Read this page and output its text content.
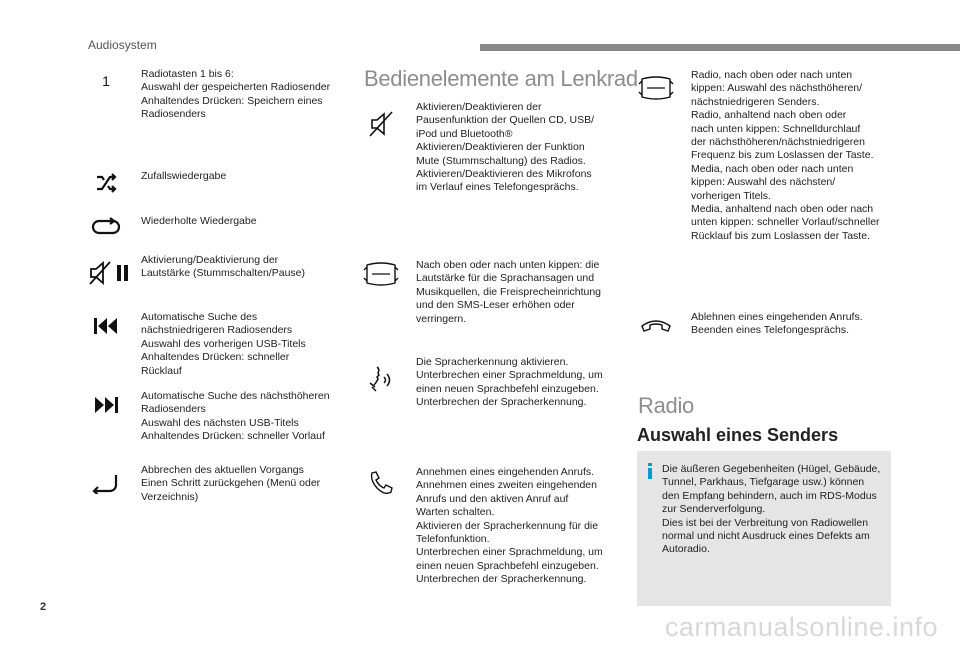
Audiosystem
1	Radiotasten 1 bis 6:
Auswahl der gespeicherten Radiosender
Anhaltendes Drücken: Speichern eines
Radiosenders
Zufallswiedergabe
Wiederholte Wiedergabe
Aktivierung/Deaktivierung der
Lautstärke (Stummschalten/Pause)
Automatische Suche des
nächstniedrigeren Radiosenders
Auswahl des vorherigen USB-Titels
Anhaltendes Drücken: schneller
Rücklauf
Automatische Suche des nächsthöheren
Radiosenders
Auswahl des nächsten USB-Titels
Anhaltendes Drücken: schneller Vorlauf
Abbrechen des aktuellen Vorgangs
Einen Schritt zurückgehen (Menü oder
Verzeichnis)
Bedienelemente am Lenkrad
Aktivieren/Deaktivieren der
Pausenfunktion der Quellen CD, USB/
iPod und Bluetooth®
Aktivieren/Deaktivieren der Funktion
Mute (Stummschaltung) des Radios.
Aktivieren/Deaktivieren des Mikrofons
im Verlauf eines Telefongesprächs.
Nach oben oder nach unten kippen: die
Lautstärke für die Sprachansagen und
Musikquellen, die Freisprecheinrichtung
und den SMS-Leser erhöhen oder
verringern.
Die Spracherkennung aktivieren.
Unterbrechen einer Sprachmeldung, um
einen neuen Sprachbefehl einzugeben.
Unterbrechen der Spracherkennung.
Annehmen eines eingehenden Anrufs.
Annehmen eines zweiten eingehenden
Anrufs und den aktiven Anruf auf
Warten schalten.
Aktivieren der Spracherkennung für die
Telefonfunktion.
Unterbrechen einer Sprachmeldung, um
einen neuen Sprachbefehl einzugeben.
Unterbrechen der Spracherkennung.
Radio, nach oben oder nach unten
kippen: Auswahl des nächsthöheren/
nächstniedrigeren Senders.
Radio, anhaltend nach oben oder
nach unten kippen: Schnelldurchlauf
der nächsthöheren/nächstniedrigeren
Frequenz bis zum Loslassen der Taste.
Media, nach oben oder nach unten
kippen: Auswahl des nächsten/
vorherigen Titels.
Media, anhaltend nach oben oder nach
unten kippen: schneller Vorlauf/schneller
Rücklauf bis zum Loslassen der Taste.
Ablehnen eines eingehenden Anrufs.
Beenden eines Telefongesprächs.
Radio
Auswahl eines Senders
Die äußeren Gegebenheiten (Hügel, Gebäude,
Tunnel, Parkhaus, Tiefgarage usw.) können
den Empfang behindern, auch im RDS-Modus
zur Senderverfolgung.
Dies ist bei der Verbreitung von Radiowellen
normal und nicht Ausdruck eines Defekts am
Autoradio.
2
carmanualsonline.info
